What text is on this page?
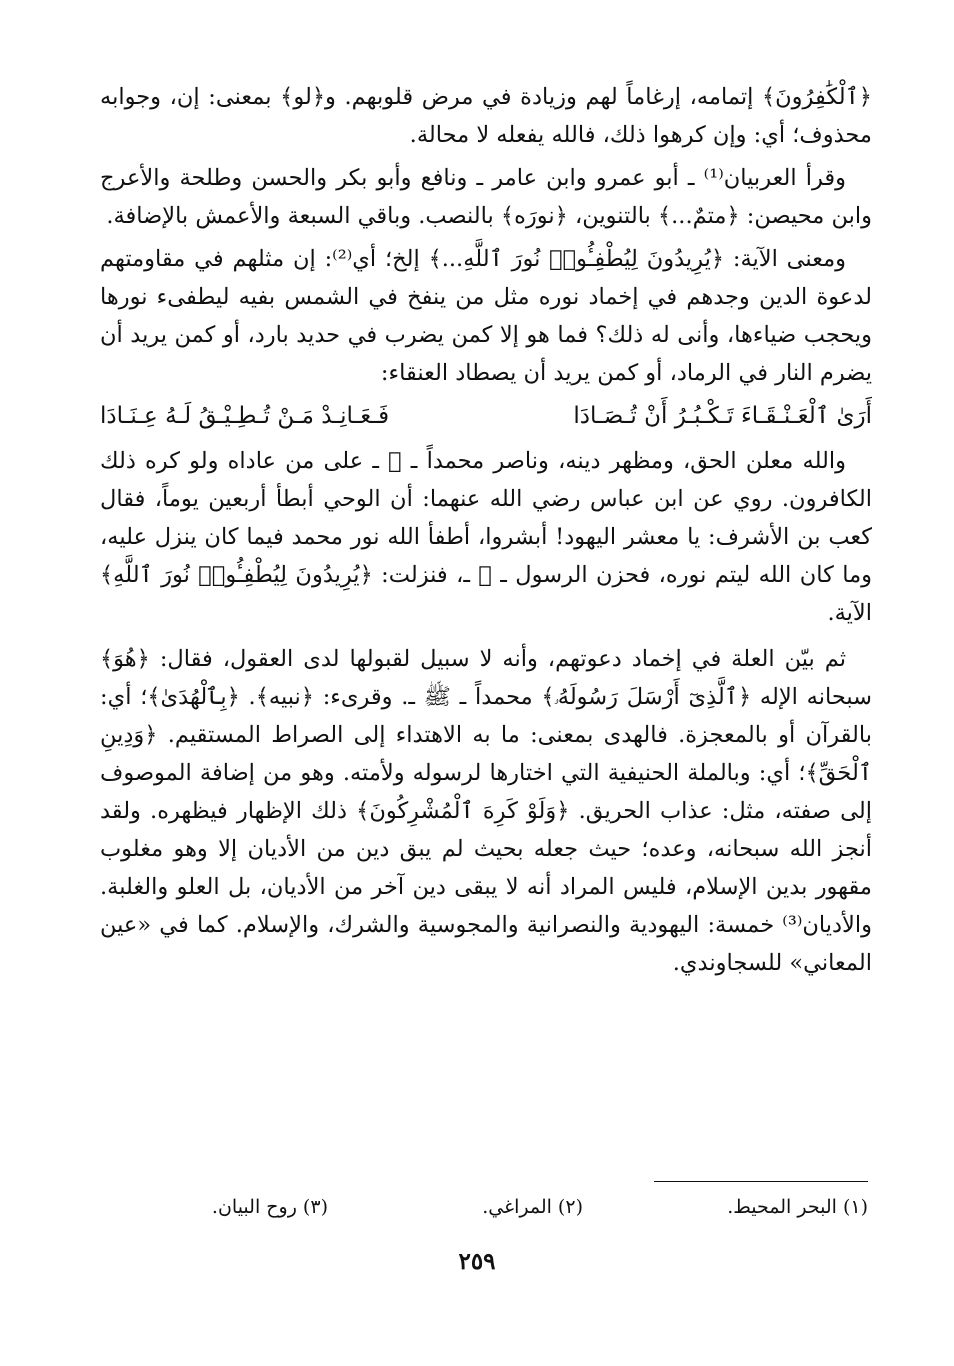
﴿ٱلْكَٰفِرُونَ﴾ إتمامه، إرغاماً لهم وزيادة في مرض قلوبهم. و﴿لو﴾ بمعنى: إن، وجوابه محذوف؛ أي: وإن كرهوا ذلك، فالله يفعله لا محالة.

وقرأ العربيان⁽¹⁾ ـ أبو عمرو وابن عامر ـ ونافع وأبو بكر والحسن وطلحة والأعرج وابن محيصن: ﴿متمٌ...﴾ بالتنوين، ﴿نورَه﴾ بالنصب. وباقي السبعة والأعمش بالإضافة.

ومعنى الآية: ﴿يُرِيدُونَ لِيُطْفِـُٔوا۟ نُورَ ٱللَّهِ...﴾ إلخ؛ أي⁽²⁾: إن مثلهم في مقاومتهم لدعوة الدين وجدهم في إخماد نوره مثل من ينفخ في الشمس بفيه ليطفىء نورها ويحجب ضياءها، وأنى له ذلك؟ فما هو إلا كمن يضرب في حديد بارد، أو كمن يريد أن يضرم النار في الرماد، أو كمن يريد أن يصطاد العنقاء:

أَرَىٰ ٱلْعَـنْـقَـاءَ تَـكْـبُـرُ أَنْ تُـصَـادَا
فَـعَـانِـدْ مَـنْ تُـطِـيْـقُ لَـهُ عِـنَـادَا

والله معلن الحق، ومظهر دينه، وناصر محمداً ـ ﷺ ـ على من عاداه ولو كره ذلك الكافرون. روي عن ابن عباس رضي الله عنهما: أن الوحي أبطأ أربعين يوماً، فقال كعب بن الأشرف: يا معشر اليهود! أبشروا، أطفأ الله نور محمد فيما كان ينزل عليه، وما كان الله ليتم نوره، فحزن الرسول ـ ﷺ ـ، فنزلت: ﴿يُرِيدُونَ لِيُطْفِـُٔوا۟ نُورَ ٱللَّهِ﴾ الآية.

ثم بيّن العلة في إخماد دعوتهم، وأنه لا سبيل لقبولها لدى العقول، فقال: ﴿هُوَ﴾ سبحانه الإله ﴿ٱلَّذِىٓ أَرْسَلَ رَسُولَهُۥ﴾ محمداً ـ ﷺ ـ. وقرىء: ﴿نبيه﴾. ﴿بِٱلْهُدَىٰ﴾؛ أي: بالقرآن أو بالمعجزة. فالهدى بمعنى: ما به الاهتداء إلى الصراط المستقيم. ﴿وَدِينِ ٱلْحَقِّ﴾؛ أي: وبالملة الحنيفية التي اختارها لرسوله ولأمته. وهو من إضافة الموصوف إلى صفته، مثل: عذاب الحريق. ﴿وَلَوْ كَرِهَ ٱلْمُشْرِكُونَ﴾ ذلك الإظهار فيظهره. ولقد أنجز الله سبحانه، وعده؛ حيث جعله بحيث لم يبق دين من الأديان إلا وهو مغلوب مقهور بدين الإسلام، فليس المراد أنه لا يبقى دين آخر من الأديان، بل العلو والغلبة. والأديان⁽³⁾ خمسة: اليهودية والنصرانية والمجوسية والشرك، والإسلام. كما في «عين المعاني» للسجاوندي.

(١) البحر المحيط.
(٢) المراغي.
(٣) روح البيان.
٢٥٩
